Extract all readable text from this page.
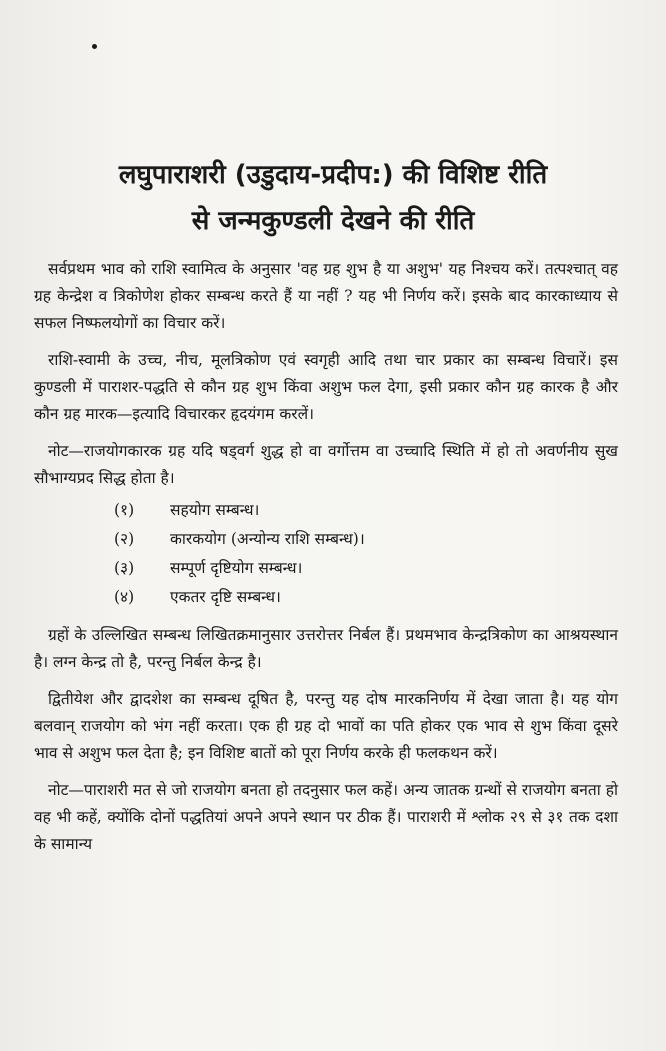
लघुपाराशरी (उडुदाय-प्रदीप:) की विशिष्ट रीति
से जन्मकुण्डली देखने की रीति

सर्वप्रथम भाव को राशि स्वामित्व के अनुसार 'वह ग्रह शुभ है या अशुभ' यह निश्चय करें। तत्पश्चात् वह ग्रह केन्द्रेश व त्रिकोणेश होकर सम्बन्ध करते हैं या नहीं ? यह भी निर्णय करें। इसके बाद कारकाध्याय से सफल निष्फलयोगों का विचार करें।

राशि-स्वामी के उच्च, नीच, मूलत्रिकोण एवं स्वगृही आदि तथा चार प्रकार का सम्बन्ध विचारें। इस कुण्डली में पाराशर-पद्धति से कौन ग्रह शुभ किंवा अशुभ फल देगा, इसी प्रकार कौन ग्रह कारक है और कौन ग्रह मारक—इत्यादि विचारकर हृदयंगम करलें।

नोट—राजयोगकारक ग्रह यदि षड्वर्ग शुद्ध हो वा वर्गोत्तम वा उच्चादि स्थिति में हो तो अवर्णनीय सुख सौभाग्यप्रद सिद्ध होता है।

(१) सहयोग सम्बन्ध।
(२) कारकयोग (अन्योन्य राशि सम्बन्ध)।
(३) सम्पूर्ण दृष्टियोग सम्बन्ध।
(४) एकतर दृष्टि सम्बन्ध।

ग्रहों के उल्लिखित सम्बन्ध लिखितक्रमानुसार उत्तरोत्तर निर्बल हैं। प्रथमभाव केन्द्रत्रिकोण का आश्रयस्थान है। लग्न केन्द्र तो है, परन्तु निर्बल केन्द्र है।

द्वितीयेश और द्वादशेश का सम्बन्ध दूषित है, परन्तु यह दोष मारकनिर्णय में देखा जाता है। यह योग बलवान् राजयोग को भंग नहीं करता। एक ही ग्रह दो भावों का पति होकर एक भाव से शुभ किंवा दूसरे भाव से अशुभ फल देता है; इन विशिष्ट बातों को पूरा निर्णय करके ही फलकथन करें।

नोट—पाराशरी मत से जो राजयोग बनता हो तदनुसार फल कहें। अन्य जातक ग्रन्थों से राजयोग बनता हो वह भी कहें, क्योंकि दोनों पद्धतियां अपने अपने स्थान पर ठीक हैं। पाराशरी में श्लोक २९ से ३१ तक दशा के सामान्य
